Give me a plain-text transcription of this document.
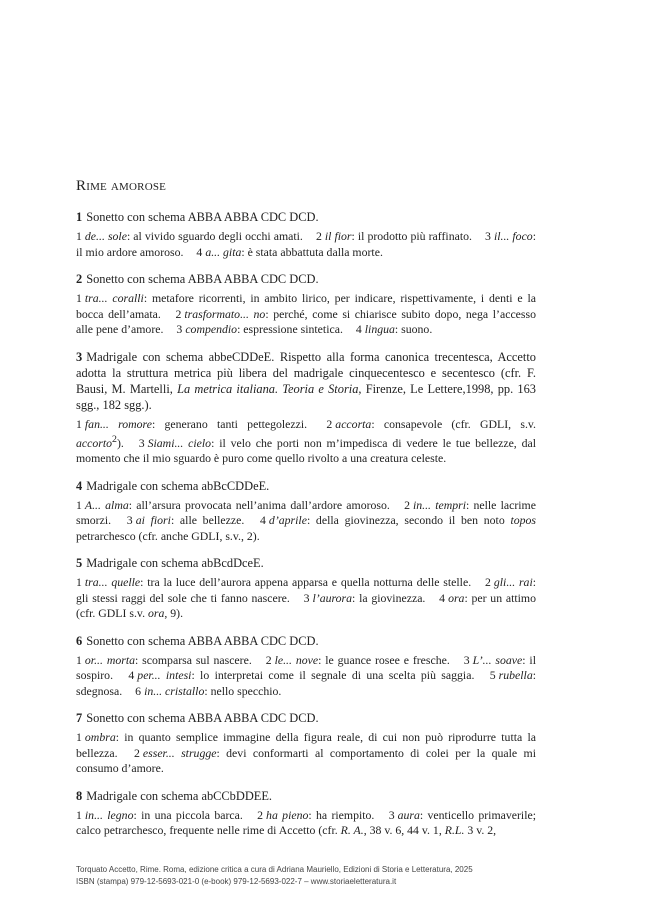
Rime amorose

1 Sonetto con schema ABBA ABBA CDC DCD.

1 de... sole: al vivido sguardo degli occhi amati. 2 il fior: il prodotto più raffinato. 3 il... foco: il mio ardore amoroso. 4 a... gita: è stata abbattuta dalla morte.

2 Sonetto con schema ABBA ABBA CDC DCD.

1 tra... coralli: metafore ricorrenti, in ambito lirico, per indicare, rispettivamente, i denti e la bocca dell’amata. 2 trasformato... no: perché, come si chiarisce subito dopo, nega l’accesso alle pene d’amore. 3 compendio: espressione sintetica. 4 lingua: suono.

3 Madrigale con schema abbeCDDeE. Rispetto alla forma canonica trecentesca, Accetto adotta la struttura metrica più libera del madrigale cinquecentesco e secentesco (cfr. F. Bausi, M. Martelli, La metrica italiana. Teoria e Storia, Firenze, Le Lettere,1998, pp. 163 sgg., 182 sgg.).

1 fan... romore: generano tanti pettegolezzi. 2 accorta: consapevole (cfr. GDLI, s.v. accorto$^2$). 3 Siami... cielo: il velo che porti non m’impedisca di vedere le tue bellezze, dal momento che il mio sguardo è puro come quello rivolto a una creatura celeste.

4 Madrigale con schema abBcCDDeE.

1 A... alma: all’arsura provocata nell’anima dall’ardore amoroso. 2 in... tempri: nelle lacrime smorzi. 3 ai fiori: alle bellezze. 4 d’aprile: della giovinezza, secondo il ben noto topos petrarchesco (cfr. anche GDLI, s.v., 2).

5 Madrigale con schema abBcdDceE.

1 tra... quelle: tra la luce dell’aurora appena apparsa e quella notturna delle stelle. 2 gli... rai: gli stessi raggi del sole che ti fanno nascere. 3 l’aurora: la giovinezza. 4 ora: per un attimo (cfr. GDLI s.v. ora, 9).

6 Sonetto con schema ABBA ABBA CDC DCD.

1 or... morta: scomparsa sul nascere. 2 le... nove: le guance rosee e fresche. 3 L’... soave: il sospiro. 4 per... intesi: lo interpretai come il segnale di una scelta più saggia. 5 rubella: sdegnosa. 6 in... cristallo: nello specchio.

7 Sonetto con schema ABBA ABBA CDC DCD.

1 ombra: in quanto semplice immagine della figura reale, di cui non può riprodurre tutta la bellezza. 2 esser... strugge: devi conformarti al comportamento di colei per la quale mi consumo d’amore.

8 Madrigale con schema abCCbDDEE.

1 in... legno: in una piccola barca. 2 ha pieno: ha riempito. 3 aura: venticello primaverile; calco petrarchesco, frequente nelle rime di Accetto (cfr. R. A., 38 v. 6, 44 v. 1, R.L. 3 v. 2,

Torquato Accetto, Rime. Roma, edizione critica a cura di Adriana Mauriello, Edizioni di Storia e Letteratura, 2025
ISBN (stampa) 979-12-5693-021-0 (e-book) 979-12-5693-022-7 – www.storiaeletteratura.it
